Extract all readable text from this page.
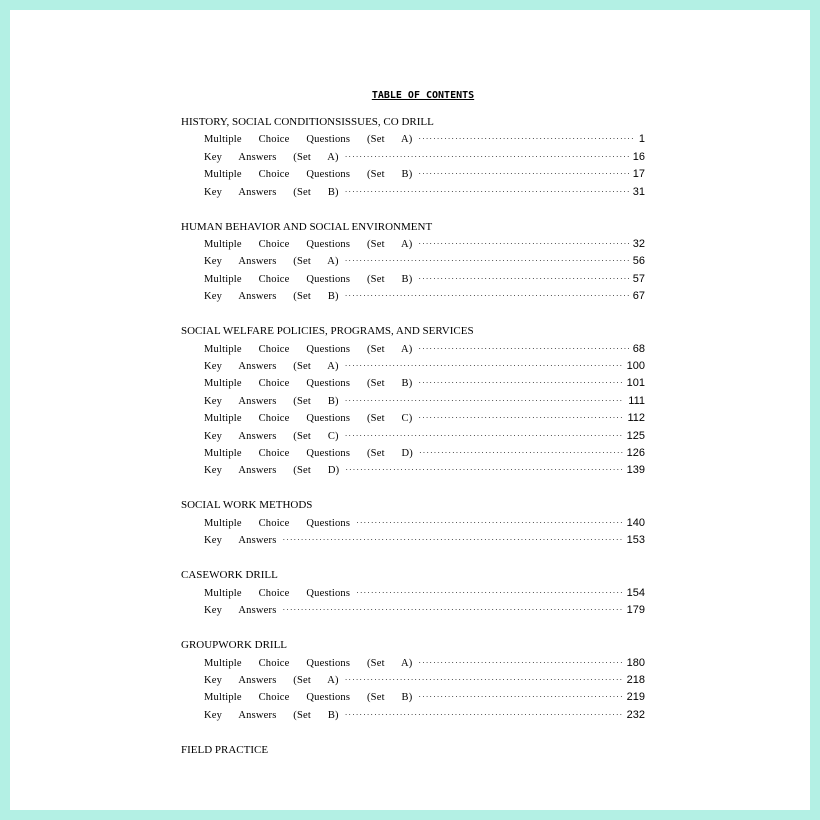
TABLE OF CONTENTS
HISTORY, SOCIAL CONDITIONSISSUES, CO DRILL
Multiple Choice Questions (Set A) ·····	1
Key Answers (Set A) ·····	16
Multiple Choice Questions (Set B) ·····	17
Key Answers (Set B) ·····	31
HUMAN BEHAVIOR AND SOCIAL ENVIRONMENT
Multiple Choice Questions (Set A) ·····	32
Key Answers (Set A) ·····	56
Multiple Choice Questions (Set B) ·····	57
Key Answers (Set B) ·····	67
SOCIAL WELFARE POLICIES, PROGRAMS, AND SERVICES
Multiple Choice Questions (Set A) ·····	68
Key Answers (Set A) ·····	100
Multiple Choice Questions (Set B) ·····	101
Key Answers (Set B) ·····	111
Multiple Choice Questions (Set C) ·····	112
Key Answers (Set C) ·····	125
Multiple Choice Questions (Set D) ·····	126
Key Answers (Set D) ·····	139
SOCIAL WORK METHODS
Multiple Choice Questions ·····	140
Key Answers ·····	153
CASEWORK DRILL
Multiple Choice Questions ·····	154
Key Answers ·····	179
GROUPWORK DRILL
Multiple Choice Questions (Set A) ·····	180
Key Answers (Set A) ·····	218
Multiple Choice Questions (Set B) ·····	219
Key Answers (Set B) ·····	232
FIELD PRACTICE
